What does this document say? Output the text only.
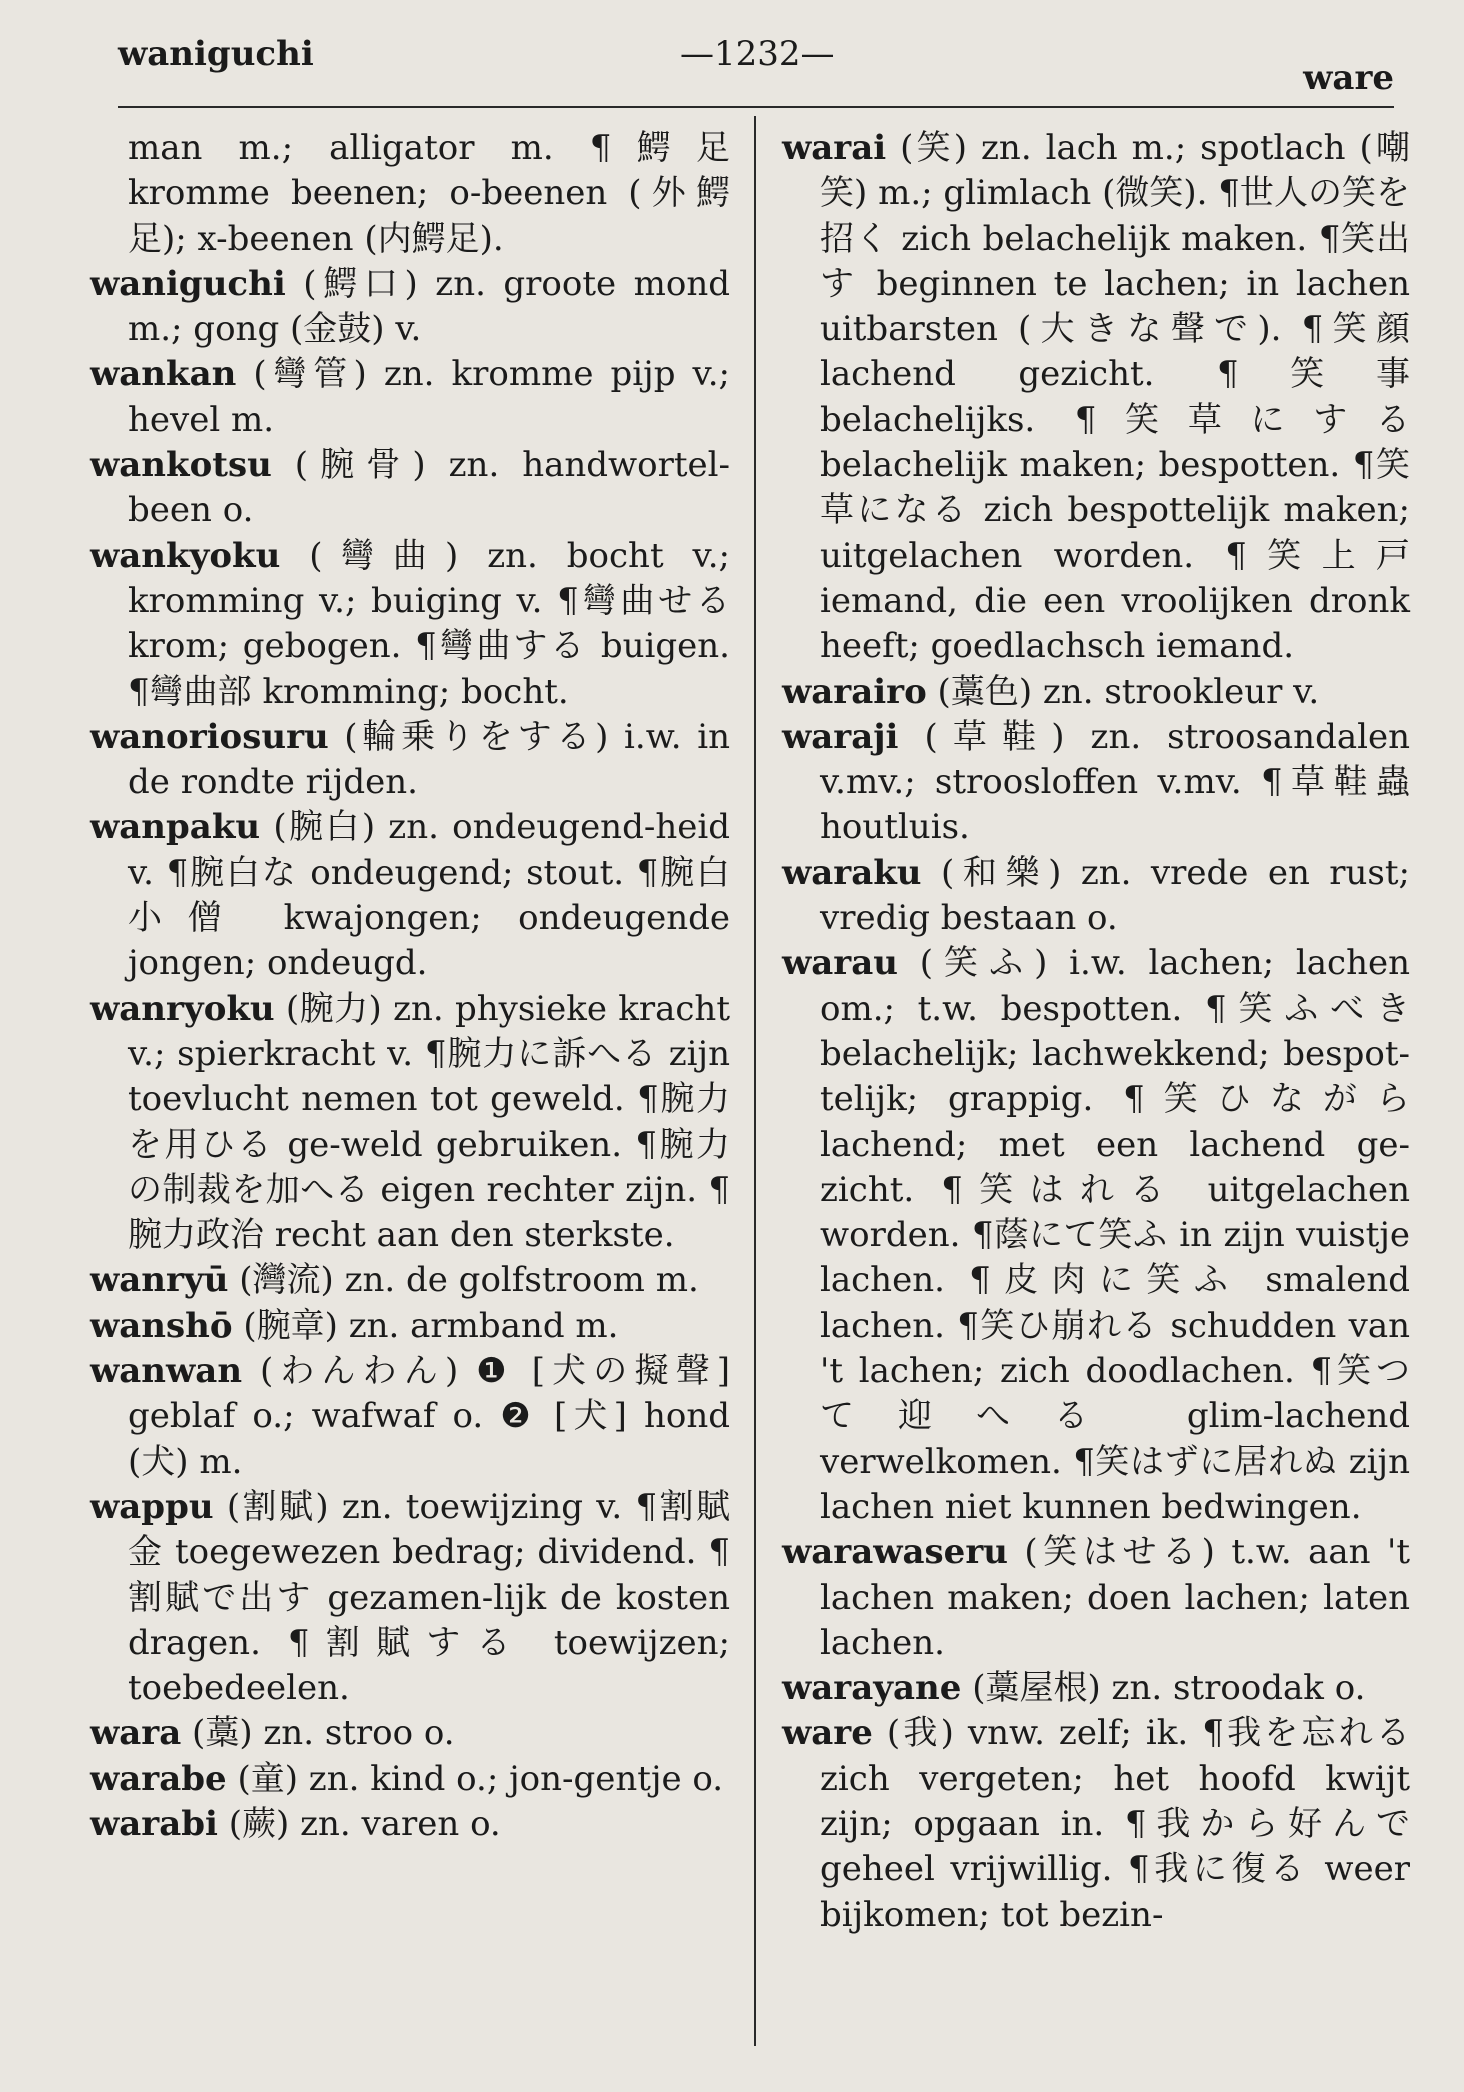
waniguchi	—1232—
ware

man m.; alligator m. ¶鰐足 kromme beenen; o-beenen (外鰐足); x-beenen (内鰐足).

waniguchi (鰐口) zn. groote mond m.; gong (金鼓) v.

wankan (彎管) zn. kromme pijp v.; hevel m.

wankotsu (腕骨) zn. handwortel-been o.

wankyoku (彎曲) zn. bocht v.; kromming v.; buiging v. ¶彎曲せる krom; gebogen. ¶彎曲する buigen. ¶彎曲部 kromming; bocht.

wanoriosuru (輪乗りをする) i.w. in de rondte rijden.

wanpaku (腕白) zn. ondeugend-heid v. ¶腕白な ondeugend; stout. ¶腕白小僧 kwajongen; ondeugende jongen; ondeugd.

wanryoku (腕力) zn. physieke kracht v.; spierkracht v. ¶腕力に訴へる zijn toevlucht nemen tot geweld. ¶腕力を用ひる ge-weld gebruiken. ¶腕力の制裁を加へる eigen rechter zijn. ¶腕力政治 recht aan den sterkste.

wanryū (灣流) zn. de golfstroom m.

wanshō (腕章) zn. armband m.

wanwan (わんわん) ❶ [犬の擬聲] geblaf o.; wafwaf o. ❷ [犬] hond (犬) m.

wappu (割賦) zn. toewijzing v. ¶割賦金 toegewezen bedrag; dividend. ¶割賦で出す gezamen-lijk de kosten dragen. ¶割賦する toewijzen; toebedeelen.

wara (藁) zn. stroo o.

warabe (童) zn. kind o.; jon-gentje o.

warabi (蕨) zn. varen o.

warai (笑) zn. lach m.; spotlach (嘲笑) m.; glimlach (微笑). ¶世人の笑を招く zich belachelijk maken. ¶笑出す beginnen te lachen; in lachen uitbarsten (大きな聲で). ¶笑顔 lachend gezicht. ¶笑事 belachelijks. ¶笑草にする belachelijk maken; bespotten. ¶笑草になる zich bespottelijk maken; uitgelachen worden. ¶笑上戸 iemand, die een vroolijken dronk heeft; goedlachsch iemand.

warairo (藁色) zn. strookleur v.

waraji (草鞋) zn. stroosandalen v.mv.; stroosloffen v.mv. ¶草鞋蟲 houtluis.

waraku (和樂) zn. vrede en rust; vredig bestaan o.

warau (笑ふ) i.w. lachen; lachen om.; t.w. bespotten. ¶笑ふべき belachelijk; lachwekkend; bespot-telijk; grappig. ¶笑ひながら lachend; met een lachend ge-zicht. ¶笑はれる uitgelachen worden. ¶蔭にて笑ふ in zijn vuistje lachen. ¶皮肉に笑ふ smalend lachen. ¶笑ひ崩れる schudden van 't lachen; zich doodlachen. ¶笑つて迎へる glim-lachend verwelkomen. ¶笑はずに居れぬ zijn lachen niet kunnen bedwingen.

warawaseru (笑はせる) t.w. aan 't lachen maken; doen lachen; laten lachen.

warayane (藁屋根) zn. stroodak o.

ware (我) vnw. zelf; ik. ¶我を忘れる zich vergeten; het hoofd kwijt zijn; opgaan in. ¶我から好んで geheel vrijwillig. ¶我に復る weer bijkomen; tot bezin-
